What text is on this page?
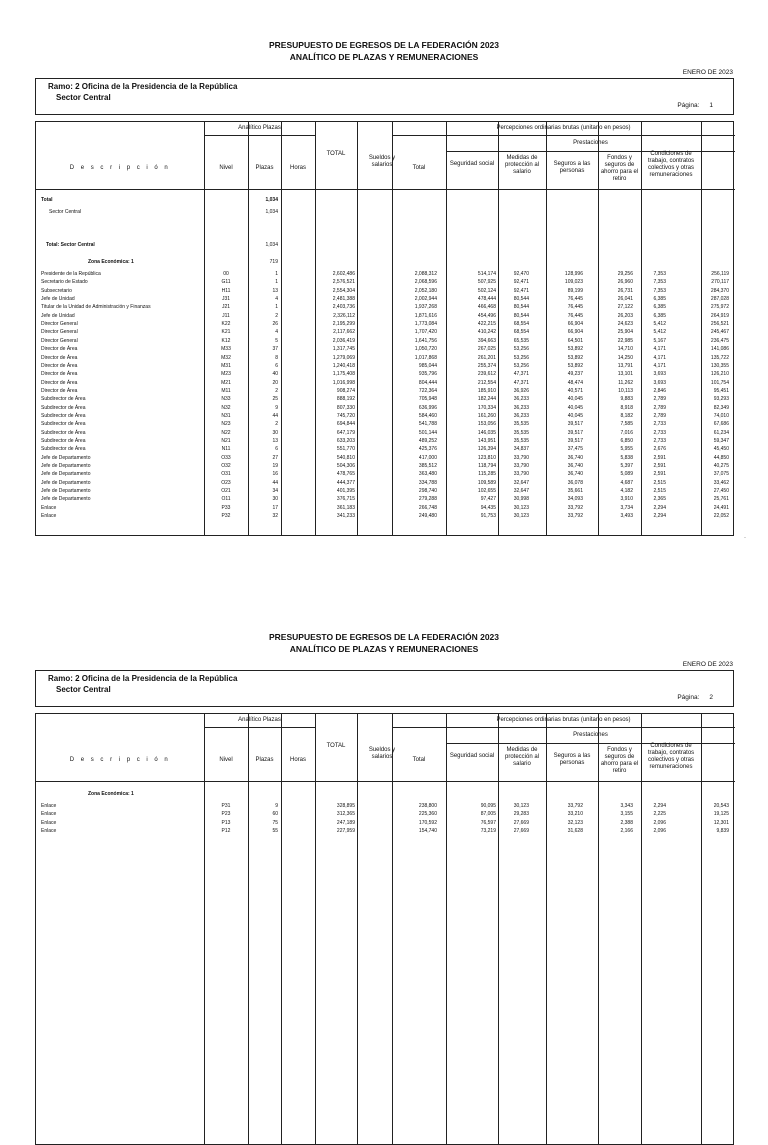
PRESUPUESTO DE EGRESOS DE LA FEDERACIÓN 2023
ANALÍTICO DE PLAZAS Y REMUNERACIONES
ENERO DE 2023
Ramo: 2 Oficina de la Presidencia de la República
Sector Central
Página: 1
Analítico Plazas	Percepciones ordinarias brutas (unitario en pesos)
Prestaciones
D e s c r i p c i ó n	Nivel	Plazas	Horas
TOTAL
Sueldos y salarios	Total
Seguridad social
Medidas de protección al salario
Seguros a las personas
Fondos y seguros de ahorro para el retiro
Condiciones de trabajo, contratos colectivos y otras remuneraciones
Total	1,034
Sector Central	1,034
Total: Sector Central	1,034
Zona Económica: 1	719
Presidente de la República	00	1	2,602,486	2,088,312	514,174	92,470	128,996	29,256	7,353	256,119
Secretario de Estado	G11	1	2,576,521	2,068,596	507,925	92,471	109,023	26,960	7,353	270,117
Subsecretario	H11	13	2,554,304	2,052,180	502,124	92,471	89,199	26,731	7,353	284,370
Jefe de Unidad	J31	4	2,481,388	2,002,944	478,444	80,544	76,445	26,041	6,385	287,028
Titular de la Unidad de Administración y Finanzas	J21	1	2,403,736	1,937,268	466,468	80,544	76,445	27,122	6,385	275,972
Jefe de Unidad	J11	2	2,326,112	1,871,616	454,496	80,544	76,445	26,203	6,385	264,919
Director General	K22	26	2,195,299	1,773,084	422,215	68,554	66,904	24,623	5,412	256,521
Director General	K21	4	2,117,662	1,707,420	410,242	68,554	66,904	25,904	5,412	245,467
Director General	K12	5	2,036,419	1,641,756	394,663	65,535	64,501	22,985	5,167	236,475
Director de Área	M33	37	1,317,745	1,050,720	267,025	53,256	53,892	14,710	4,171	141,086
Director de Área	M32	8	1,279,069	1,017,868	261,201	53,256	53,892	14,250	4,171	135,722
Director de Área	M31	6	1,240,418	985,044	255,374	53,256	53,892	13,791	4,171	130,355
Director de Área	M23	40	1,175,408	935,796	239,612	47,371	49,237	13,101	3,693	126,210
Director de Área	M21	20	1,016,998	804,444	212,554	47,371	48,474	11,262	3,693	101,754
Director de Área	M11	2	908,274	722,364	185,910	36,926	40,571	10,113	2,846	95,451
Subdirector de Área	N33	25	888,192	705,948	182,244	36,233	40,045	9,883	2,789	93,293
Subdirector de Área	N32	9	807,330	636,996	170,334	36,233	40,045	8,918	2,789	82,349
Subdirector de Área	N31	44	745,720	584,460	161,260	36,233	40,045	8,182	2,789	74,010
Subdirector de Área	N23	2	694,844	541,788	153,056	35,535	39,517	7,585	2,733	67,686
Subdirector de Área	N22	30	647,179	501,144	146,035	35,535	39,517	7,016	2,733	61,234
Subdirector de Área	N21	13	633,203	489,252	143,951	35,535	39,517	6,850	2,733	59,347
Subdirector de Área	N11	6	551,770	425,376	126,394	34,837	37,475	5,955	2,676	45,450
Jefe de Departamento	O33	27	540,810	417,000	123,810	33,790	36,740	5,838	2,591	44,850
Jefe de Departamento	O32	19	504,306	385,512	118,794	33,790	36,740	5,397	2,591	40,275
Jefe de Departamento	O31	16	478,765	363,480	115,285	33,790	36,740	5,089	2,591	37,075
Jefe de Departamento	O23	44	444,377	334,788	109,589	32,647	36,078	4,687	2,515	33,462
Jefe de Departamento	O21	34	401,395	298,740	102,655	32,647	35,661	4,182	2,515	27,450
Jefe de Departamento	O11	30	376,715	279,288	97,427	30,998	34,093	3,910	2,365	25,761
Enlace	P33	17	361,183	266,748	94,435	30,123	33,792	3,734	2,294	24,491
Enlace	P32	32	341,233	249,480	91,753	30,123	33,792	3,493	2,294	22,052
PRESUPUESTO DE EGRESOS DE LA FEDERACIÓN 2023
ANALÍTICO DE PLAZAS Y REMUNERACIONES
ENERO DE 2023
Ramo: 2 Oficina de la Presidencia de la República
Sector Central
Página: 2
Analítico Plazas	Percepciones ordinarias brutas (unitario en pesos)
Prestaciones
D e s c r i p c i ó n	Nivel	Plazas	Horas
TOTAL
Sueldos y salarios	Total
Seguridad social
Medidas de protección al salario
Seguros a las personas
Fondos y seguros de ahorro para el retiro
Condiciones de trabajo, contratos colectivos y otras remuneraciones
Zona Económica: 1
Enlace	P31	9	328,895	238,800	90,095	30,123	33,792	3,343	2,294	20,543
Enlace	P23	60	312,365	225,360	87,005	29,283	33,210	3,155	2,225	19,125
Enlace	P13	75	247,189	170,592	76,597	27,669	32,123	2,388	2,096	12,301
Enlace	P12	55	227,959	154,740	73,219	27,669	31,628	2,166	2,096	9,839
·
